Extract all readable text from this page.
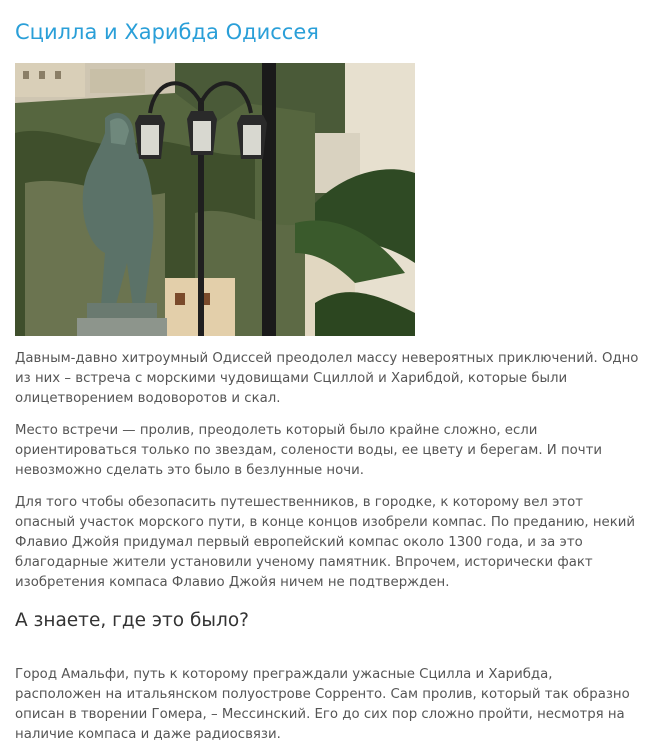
Сцилла и Харибда Одиссея

Давным-давно хитроумный Одиссей преодолел массу невероятных приключений. Одно из них – встреча с морскими чудовищами Сциллой и Харибдой, которые были олицетворением водоворотов и скал.

Место встречи — пролив, преодолеть который было крайне сложно, если ориентироваться только по звездам, солености воды, ее цвету и берегам. И почти невозможно сделать это было в безлунные ночи.

Для того чтобы обезопасить путешественников, в городке, к которому вел этот опасный участок морского пути, в конце концов изобрели компас. По преданию, некий Флавио Джойя придумал первый европейский компас около 1300 года, и за это благодарные жители установили ученому памятник. Впрочем, исторически факт изобретения компаса Флавио Джойя ничем не подтвержден.

А знаете, где это было?

Город Амальфи, путь к которому преграждали ужасные Сцилла и Харибда, расположен на итальянском полуострове Сорренто. Сам пролив, который так образно описан в творении Гомера, – Мессинский. Его до сих пор сложно пройти, несмотря на наличие компаса и даже радиосвязи.
